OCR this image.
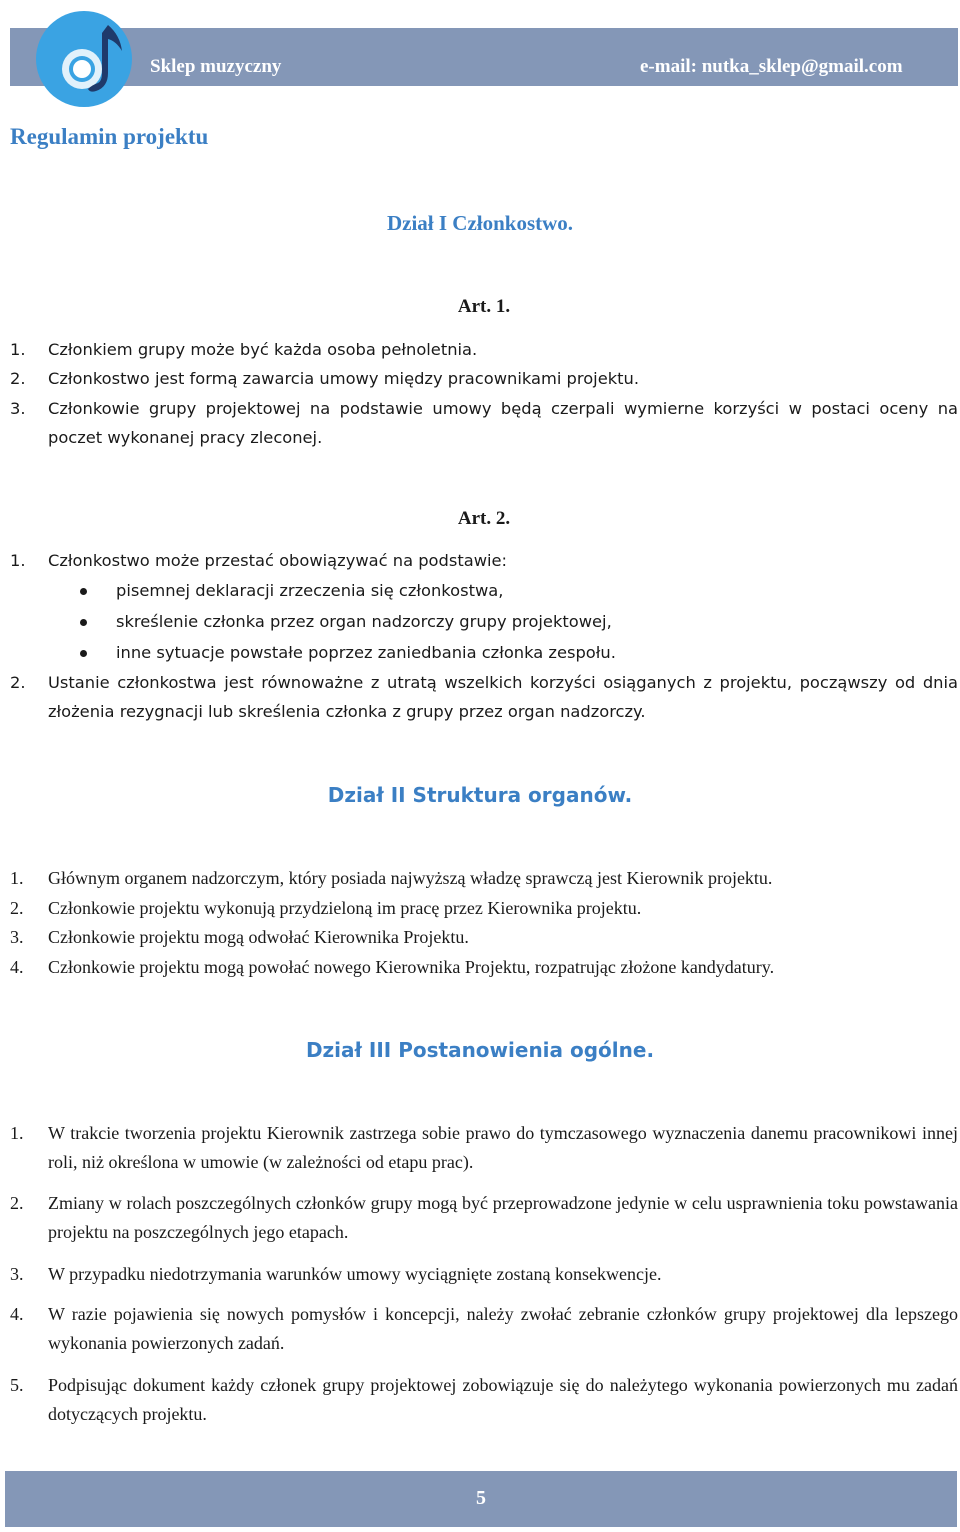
Sklep muzyczny
“Nutka”
e-mail: nutka_sklep@gmail.com
Regulamin projektu
Dział I Członkostwo.
Art. 1.
1. Członkiem grupy może być każda osoba pełnoletnia.
2. Członkostwo jest formą zawarcia umowy między pracownikami projektu.
3. Członkowie grupy projektowej na podstawie umowy będą czerpali wymierne korzyści w postaci oceny na poczet wykonanej pracy zleconej.
Art. 2.
1. Członkostwo może przestać obowiązywać na podstawie:
pisemnej deklaracji zrzeczenia się członkostwa,
skreślenie członka przez organ nadzorczy grupy projektowej,
inne sytuacje powstałe poprzez zaniedbania członka zespołu.
2. Ustanie członkostwa jest równoważne z utratą wszelkich korzyści osiąganych z projektu, począwszy od dnia złożenia rezygnacji lub skreślenia członka z grupy przez organ nadzorczy.
Dział II Struktura organów.
1. Głównym organem nadzorczym, który posiada najwyższą władzę sprawczą jest Kierownik projektu.
2. Członkowie projektu wykonują przydzieloną im pracę przez Kierownika projektu.
3. Członkowie projektu mogą odwołać Kierownika Projektu.
4. Członkowie projektu mogą powołać nowego Kierownika Projektu, rozpatrując złożone kandydatury.
Dział III Postanowienia ogólne.
1. W trakcie tworzenia projektu Kierownik zastrzega sobie prawo do tymczasowego wyznaczenia danemu pracownikowi innej roli, niż określona w umowie (w zależności od etapu prac).
2. Zmiany w rolach poszczególnych członków grupy mogą być przeprowadzone jedynie w celu usprawnienia toku powstawania projektu na poszczególnych jego etapach.
3. W przypadku niedotrzymania warunków umowy wyciągnięte zostaną konsekwencje.
4. W razie pojawienia się nowych pomysłów i koncepcji, należy zwołać zebranie członków grupy projektowej dla lepszego wykonania powierzonych zadań.
5. Podpisując dokument każdy członek grupy projektowej zobowiązuje się do należytego wykonania powierzonych mu zadań dotyczących projektu.
5
